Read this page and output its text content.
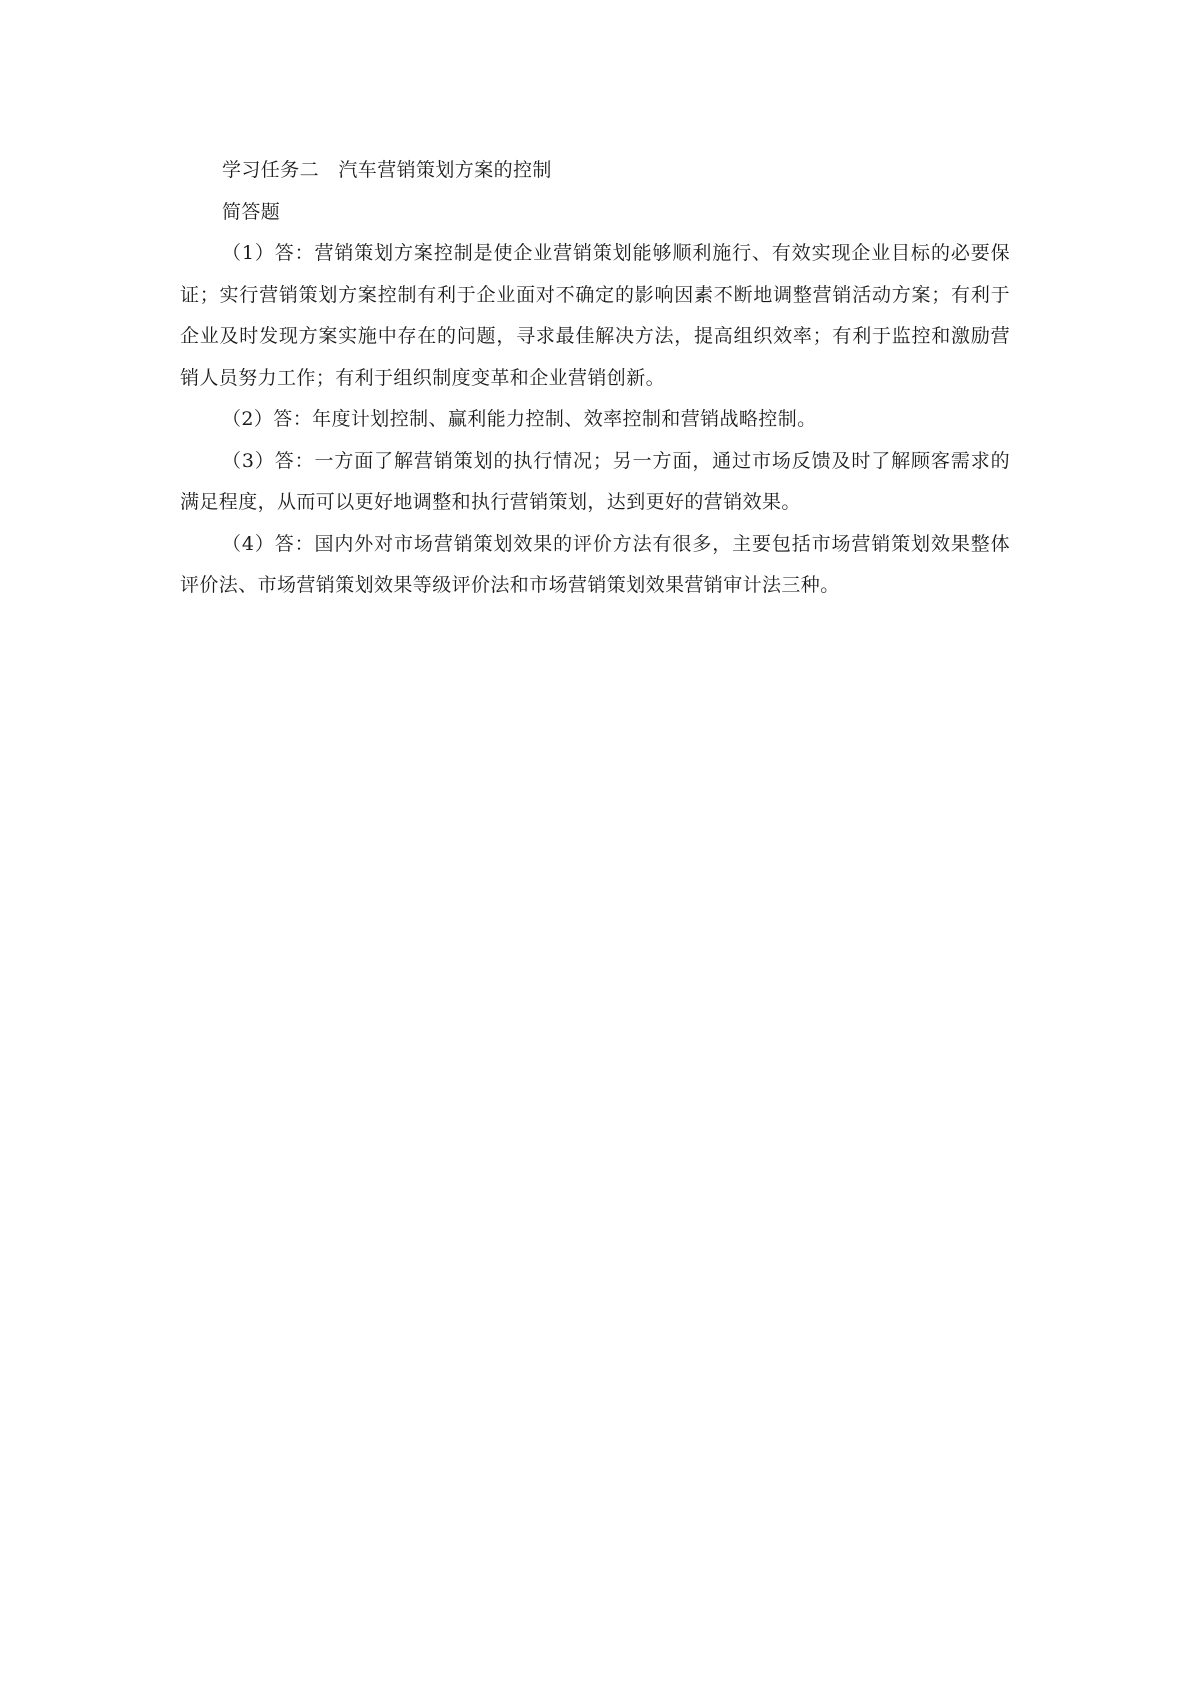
学习任务二　汽车营销策划方案的控制

简答题

（1）答：营销策划方案控制是使企业营销策划能够顺利施行、有效实现企业目标的必要保证；实行营销策划方案控制有利于企业面对不确定的影响因素不断地调整营销活动方案；有利于企业及时发现方案实施中存在的问题，寻求最佳解决方法，提高组织效率；有利于监控和激励营销人员努力工作；有利于组织制度变革和企业营销创新。

（2）答：年度计划控制、赢利能力控制、效率控制和营销战略控制。

（3）答：一方面了解营销策划的执行情况；另一方面，通过市场反馈及时了解顾客需求的满足程度，从而可以更好地调整和执行营销策划，达到更好的营销效果。

（4）答：国内外对市场营销策划效果的评价方法有很多，主要包括市场营销策划效果整体评价法、市场营销策划效果等级评价法和市场营销策划效果营销审计法三种。
